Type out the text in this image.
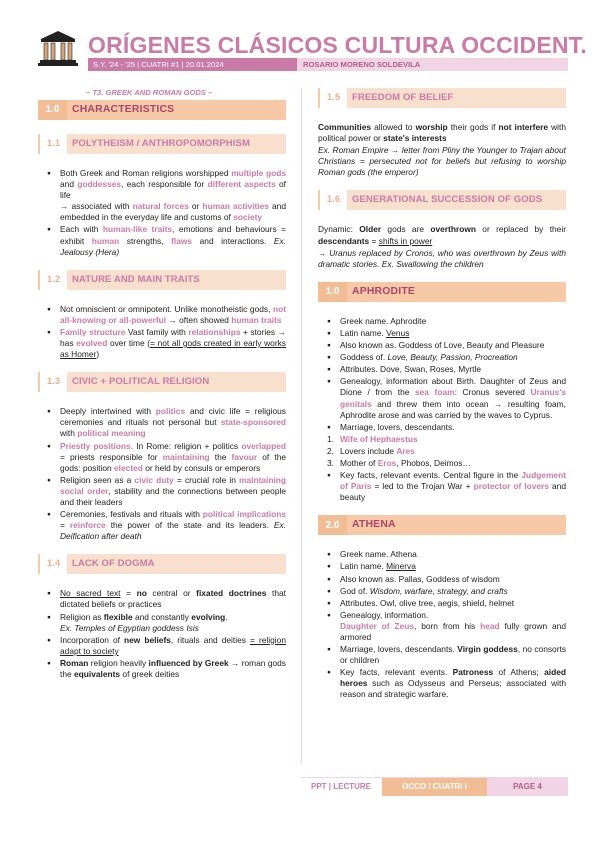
ORÍGENES CLÁSICOS CULTURA OCCIDENT.
S.Y. '24 - '25 | CUATRI #1 | 20.01.2024	ROSARIO MORENO SOLDEVILA
– T3. GREEK AND ROMAN GODS –
1.0	CHARACTERISTICS
1.1	POLYTHEISM / ANTHROPOMORPHISM
● Both Greek and Roman religions worshipped multiple gods and goddesses, each responsible for different aspects of life
→ associated with natural forces or human activities and embedded in the everyday life and customs of society
● Each with human-like traits, emotions and behaviours = exhibit human strengths, flaws and interactions. Ex. Jealousy (Hera)
1.2	NATURE AND MAIN TRAITS
● Not omniscient or omnipotent. Unlike monotheistic gods, not all-knowing or all-powerful → often showed human traits
● Family structure Vast family with relationships + stories → has evolved over time (= not all gods created in early works as Homer)
1.3	CIVIC + POLITICAL RELIGION
● Deeply intertwined with politics and civic life = religious ceremonies and rituals not personal but state-sponsored with political meaning
● Priestly positions. In Rome: religion + politics overlapped = priests responsible for maintaining the favour of the gods: position elected or held by consuls or emperors
● Religion seen as a civic duty = crucial role in maintaining social order, stability and the connections between people and their leaders
● Ceremonies, festivals and rituals with political implications = reinforce the power of the state and its leaders. Ex. Deification after death
1.4	LACK OF DOGMA
● No sacred text = no central or fixated doctrines that dictated beliefs or practices
● Religion as flexible and constantly evolving.
Ex. Temples of Egyptian goddess Isis
● Incorporation of new beliefs, rituals and deities = religion adapt to society
● Roman religion heavily influenced by Greek → roman gods the equivalents of greek deities
1.5	FREEDOM OF BELIEF
Communities allowed to worship their gods if not interfere with political power or state's interests
Ex. Roman Empire → letter from Pliny the Younger to Trajan about Christians = persecuted not for beliefs but refusing to worship Roman gods (the emperor)
1.6	GENERATIONAL SUCCESSION OF GODS
Dynamic: Older gods are overthrown or replaced by their descendants = shifts in power
→ Uranus replaced by Cronos, who was overthrown by Zeus with dramatic stories. Ex. Swallowing the children
1.0	APHRODITE
● Greek name. Aphrodite
● Latin name. Venus
● Also known as. Goddess of Love, Beauty and Pleasure
● Goddess of. Love, Beauty, Passion, Procreation
● Attributes. Dove, Swan, Roses, Myrtle
● Genealogy, information about Birth. Daughter of Zeus and Dione / from the sea foam: Cronus severed Uranus's genitals and threw them into ocean → resulting foam, Aphrodite arose and was carried by the waves to Cyprus.
● Marriage, lovers, descendants.
1. Wife of Hephaestus
2. Lovers include Ares
3. Mother of Eros, Phobos, Deimos…
● Key facts, relevant events. Central figure in the Judgement of Paris = led to the Trojan War + protector of lovers and beauty
2.0	ATHENA
● Greek name. Athena
● Latin name. Minerva
● Also known as. Pallas, Goddess of wisdom
● God of. Wisdom, warfare, strategy, and crafts
● Attributes. Owl, olive tree, aegis, shield, helmet
● Genealogy, information.
Daughter of Zeus, born from his head fully grown and armored
● Marriage, lovers, descendants. Virgin goddess, no consorts or children
● Key facts, relevant events. Patroness of Athens; aided heroes such as Odysseus and Perseus; associated with reason and strategic warfare.
PPT | LECTURE	OCCO / CUATRI I	PAGE 4
